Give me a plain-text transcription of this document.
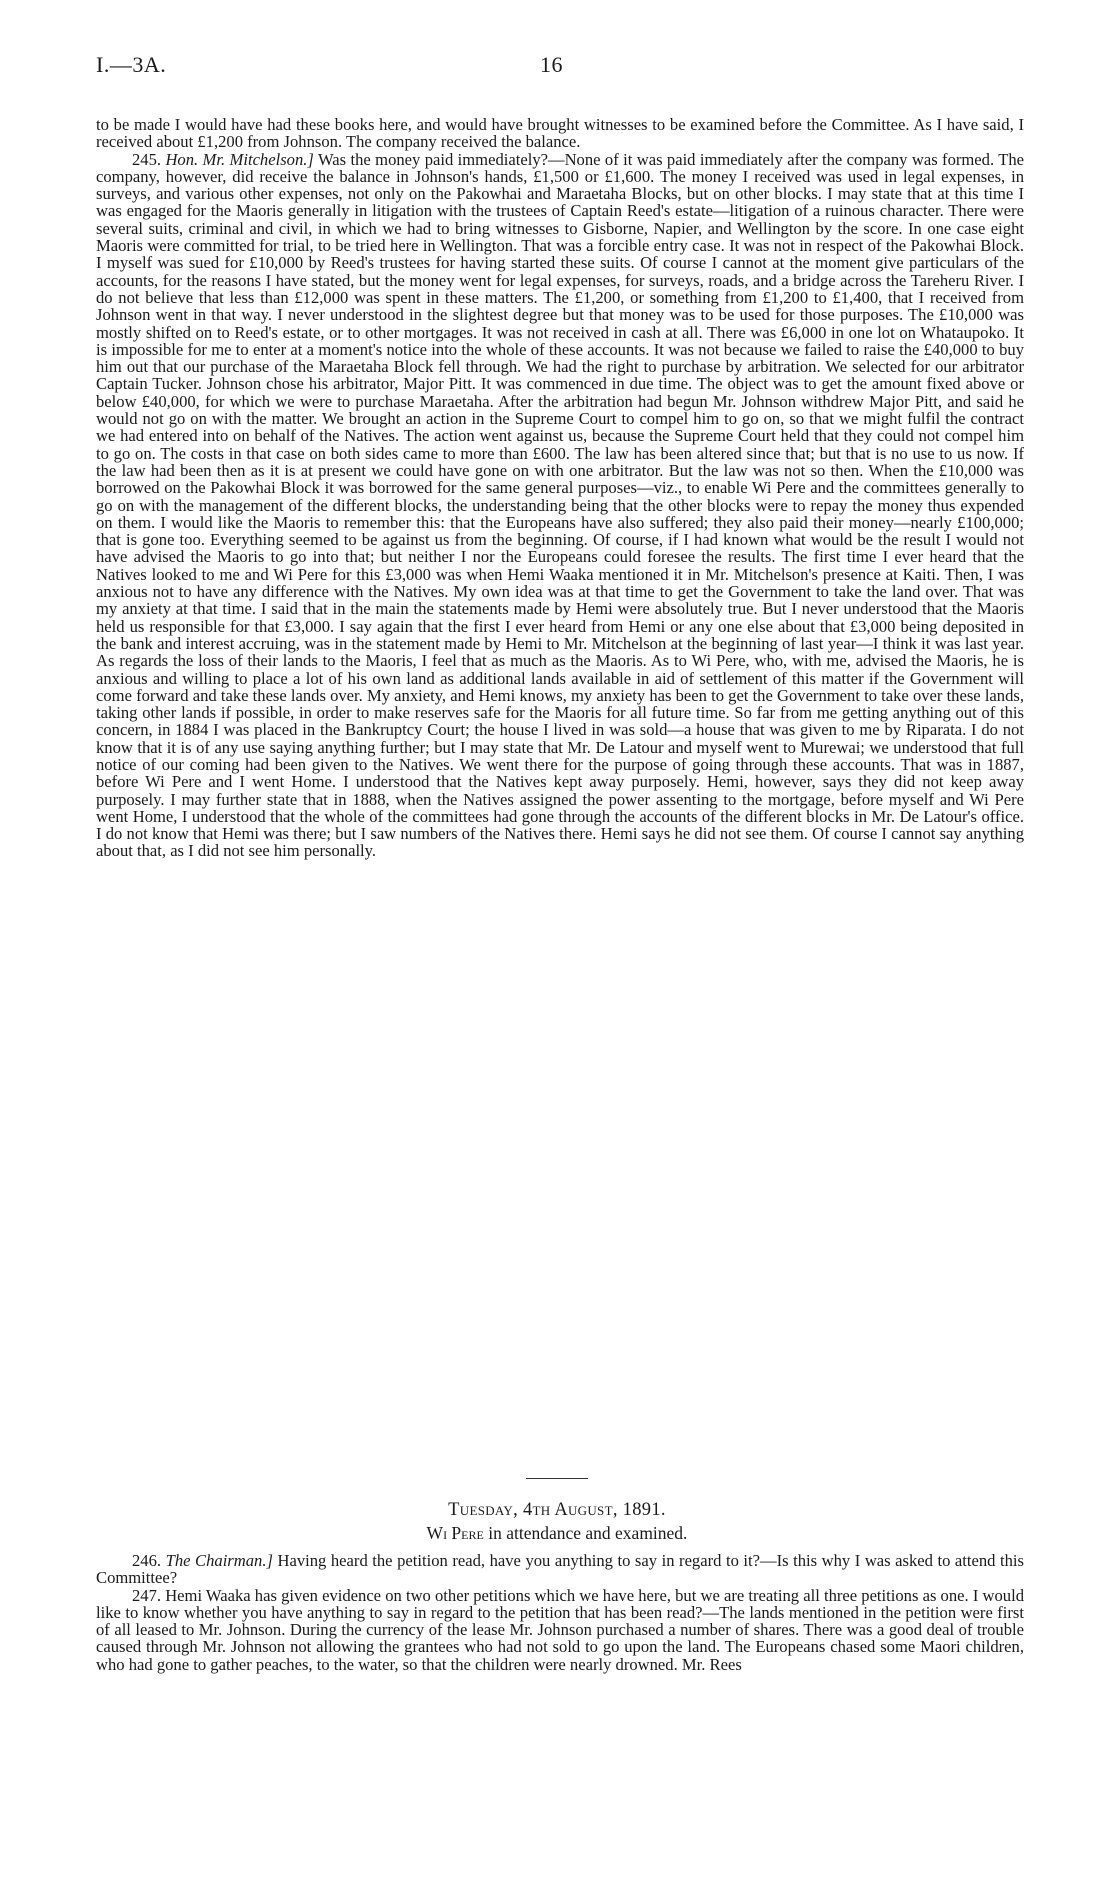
I.—3A.	16

to be made I would have had these books here, and would have brought witnesses to be examined before the Committee. As I have said, I received about £1,200 from Johnson. The company received the balance.

245. Hon. Mr. Mitchelson.] Was the money paid immediately?—None of it was paid immediately after the company was formed. The company, however, did receive the balance in Johnson's hands, £1,500 or £1,600. The money I received was used in legal expenses, in surveys, and various other expenses, not only on the Pakowhai and Maraetaha Blocks, but on other blocks. I may state that at this time I was engaged for the Maoris generally in litigation with the trustees of Captain Reed's estate—litigation of a ruinous character. There were several suits, criminal and civil, in which we had to bring witnesses to Gisborne, Napier, and Wellington by the score. In one case eight Maoris were committed for trial, to be tried here in Wellington. That was a forcible entry case. It was not in respect of the Pakowhai Block. I myself was sued for £10,000 by Reed's trustees for having started these suits. Of course I cannot at the moment give particulars of the accounts, for the reasons I have stated, but the money went for legal expenses, for surveys, roads, and a bridge across the Tareheru River. I do not believe that less than £12,000 was spent in these matters. The £1,200, or something from £1,200 to £1,400, that I received from Johnson went in that way. I never understood in the slightest degree but that money was to be used for those purposes. The £10,000 was mostly shifted on to Reed's estate, or to other mortgages. It was not received in cash at all. There was £6,000 in one lot on Whataupoko. It is impossible for me to enter at a moment's notice into the whole of these accounts. It was not because we failed to raise the £40,000 to buy him out that our purchase of the Maraetaha Block fell through. We had the right to purchase by arbitration. We selected for our arbitrator Captain Tucker. Johnson chose his arbitrator, Major Pitt. It was commenced in due time. The object was to get the amount fixed above or below £40,000, for which we were to purchase Maraetaha. After the arbitration had begun Mr. Johnson withdrew Major Pitt, and said he would not go on with the matter. We brought an action in the Supreme Court to compel him to go on, so that we might fulfil the contract we had entered into on behalf of the Natives. The action went against us, because the Supreme Court held that they could not compel him to go on. The costs in that case on both sides came to more than £600. The law has been altered since that; but that is no use to us now. If the law had been then as it is at present we could have gone on with one arbitrator. But the law was not so then. When the £10,000 was borrowed on the Pakowhai Block it was borrowed for the same general purposes—viz., to enable Wi Pere and the committees generally to go on with the management of the different blocks, the understanding being that the other blocks were to repay the money thus expended on them. I would like the Maoris to remember this: that the Europeans have also suffered; they also paid their money—nearly £100,000; that is gone too. Everything seemed to be against us from the beginning. Of course, if I had known what would be the result I would not have advised the Maoris to go into that; but neither I nor the Europeans could foresee the results. The first time I ever heard that the Natives looked to me and Wi Pere for this £3,000 was when Hemi Waaka mentioned it in Mr. Mitchelson's presence at Kaiti. Then, I was anxious not to have any difference with the Natives. My own idea was at that time to get the Government to take the land over. That was my anxiety at that time. I said that in the main the statements made by Hemi were absolutely true. But I never understood that the Maoris held us responsible for that £3,000. I say again that the first I ever heard from Hemi or any one else about that £3,000 being deposited in the bank and interest accruing, was in the statement made by Hemi to Mr. Mitchelson at the beginning of last year—I think it was last year. As regards the loss of their lands to the Maoris, I feel that as much as the Maoris. As to Wi Pere, who, with me, advised the Maoris, he is anxious and willing to place a lot of his own land as additional lands available in aid of settlement of this matter if the Government will come forward and take these lands over. My anxiety, and Hemi knows, my anxiety has been to get the Government to take over these lands, taking other lands if possible, in order to make reserves safe for the Maoris for all future time. So far from me getting anything out of this concern, in 1884 I was placed in the Bankruptcy Court; the house I lived in was sold—a house that was given to me by Riparata. I do not know that it is of any use saying anything further; but I may state that Mr. De Latour and myself went to Murewai; we understood that full notice of our coming had been given to the Natives. We went there for the purpose of going through these accounts. That was in 1887, before Wi Pere and I went Home. I understood that the Natives kept away purposely. Hemi, however, says they did not keep away purposely. I may further state that in 1888, when the Natives assigned the power assenting to the mortgage, before myself and Wi Pere went Home, I understood that the whole of the committees had gone through the accounts of the different blocks in Mr. De Latour's office. I do not know that Hemi was there; but I saw numbers of the Natives there. Hemi says he did not see them. Of course I cannot say anything about that, as I did not see him personally.

Tuesday, 4th August, 1891.
Wi Pere in attendance and examined.

246. The Chairman.] Having heard the petition read, have you anything to say in regard to it?—Is this why I was asked to attend this Committee?

247. Hemi Waaka has given evidence on two other petitions which we have here, but we are treating all three petitions as one. I would like to know whether you have anything to say in regard to the petition that has been read?—The lands mentioned in the petition were first of all leased to Mr. Johnson. During the currency of the lease Mr. Johnson purchased a number of shares. There was a good deal of trouble caused through Mr. Johnson not allowing the grantees who had not sold to go upon the land. The Europeans chased some Maori children, who had gone to gather peaches, to the water, so that the children were nearly drowned. Mr. Rees
